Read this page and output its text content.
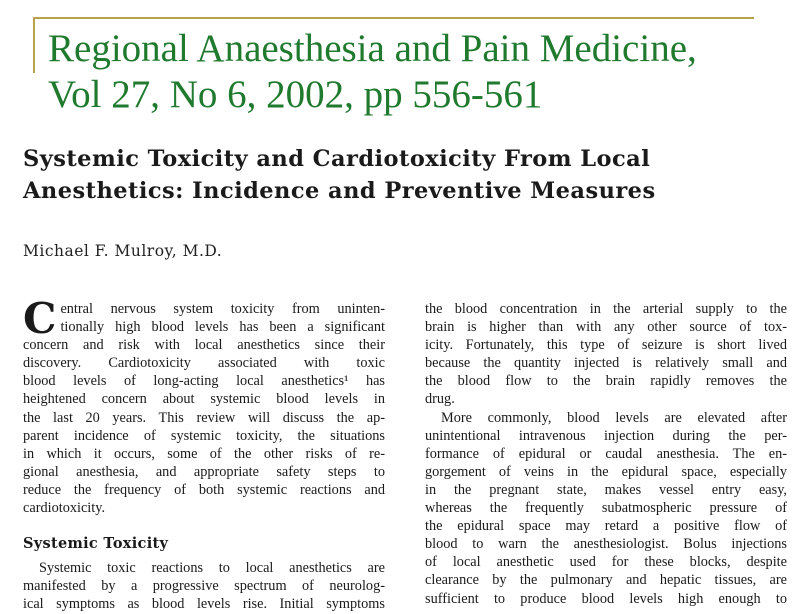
Regional Anaesthesia and Pain Medicine,
Vol 27, No 6, 2002, pp 556-561
Systemic Toxicity and Cardiotoxicity From Local
Anesthetics: Incidence and Preventive Measures
Michael F. Mulroy, M.D.
C entral nervous system toxicity from uninten-
tionally high blood levels has been a significant
concern and risk with local anesthetics since their
discovery. Cardiotoxicity associated with toxic
blood levels of long-acting local anesthetics¹ has
heightened concern about systemic blood levels in
the last 20 years. This review will discuss the ap-
parent incidence of systemic toxicity, the situations
in which it occurs, some of the other risks of re-
gional anesthesia, and appropriate safety steps to
reduce the frequency of both systemic reactions and
cardiotoxicity.
Systemic Toxicity
Systemic toxic reactions to local anesthetics are
manifested by a progressive spectrum of neurolog-
ical symptoms as blood levels rise. Initial symptoms
the blood concentration in the arterial supply to the
brain is higher than with any other source of tox-
icity. Fortunately, this type of seizure is short lived
because the quantity injected is relatively small and
the blood flow to the brain rapidly removes the
drug.
More commonly, blood levels are elevated after
unintentional intravenous injection during the per-
formance of epidural or caudal anesthesia. The en-
gorgement of veins in the epidural space, especially
in the pregnant state, makes vessel entry easy,
whereas the frequently subatmospheric pressure of
the epidural space may retard a positive flow of
blood to warn the anesthesiologist. Bolus injections
of local anesthetic used for these blocks, despite
clearance by the pulmonary and hepatic tissues, are
sufficient to produce blood levels high enough to
